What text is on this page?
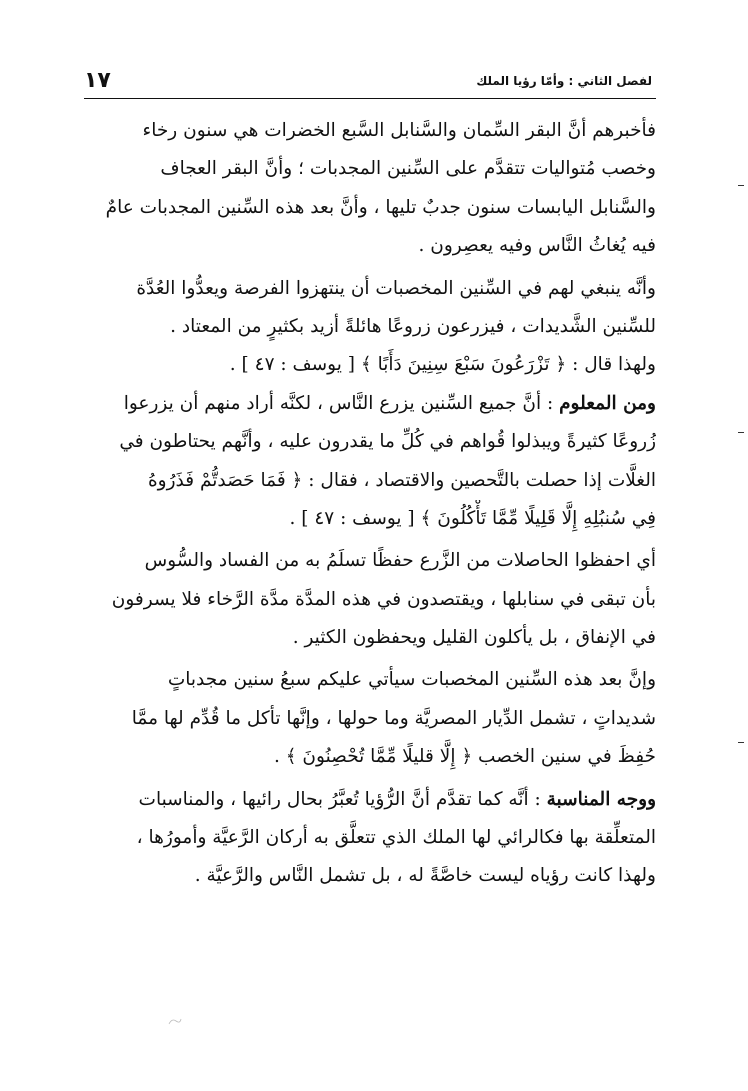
لفصل الثاني : وأمّا رؤيا الملك
١٧
فأخبرهم أنَّ البقر السِّمان والسَّنابل السَّبع الخضرات هي سنون رخاء
وخصب مُتواليات تتقدَّم على السِّنين المجدبات ؛ وأنَّ البقر العجاف
والسَّنابل اليابسات سنون جدبٌ تليها ، وأنَّ بعد هذه السِّنين المجدبات عامٌ
فيه يُغاثُ النَّاس وفيه يعصِرون .
وأنَّه ينبغي لهم في السِّنين المخصبات أن ينتهزوا الفرصة ويعدُّوا العُدَّة
للسِّنين الشَّديدات ، فيزرعون زروعًا هائلةً أزيد بكثيرٍ من المعتاد .
ولهذا قال : ﴿ تَزْرَعُونَ سَبْعَ سِنِينَ دَأَبًا ﴾ [ يوسف : ٤٧ ] .
ومن المعلوم : أنَّ جميع السِّنين يزرع النَّاس ، لكنَّه أراد منهم أن يزرعوا
زُروعًا كثيرةً ويبذلوا قُواهم في كُلِّ ما يقدرون عليه ، وأنَّهم يحتاطون في
الغلَّات إذا حصلت بالتَّحصين والاقتصاد ، فقال : ﴿ فَمَا حَصَدتُّمْ فَذَرُوهُ
فِي سُنبُلِهِ إِلَّا قَلِيلًا مِّمَّا تَأْكُلُونَ ﴾ [ يوسف : ٤٧ ] .
أي احفظوا الحاصلات من الزَّرع حفظًا تسلَمُ به من الفساد والسُّوس
بأن تبقى في سنابلها ، ويقتصدون في هذه المدَّة مدَّة الرَّخاء فلا يسرفون
في الإنفاق ، بل يأكلون القليل ويحفظون الكثير .
وإنَّ بعد هذه السِّنين المخصبات سيأتي عليكم سبعُ سنين مجدباتٍ
شديداتٍ ، تشمل الدِّيار المصريَّة وما حولها ، وإنَّها تأكل ما قُدِّم لها ممَّا
حُفِظَ في سنين الخصب ﴿ إِلَّا قليلًا مِّمَّا تُحْصِنُونَ ﴾ .
ووجه المناسبة : أنَّه كما تقدَّم أنَّ الرُّؤيا تُعبَّرُ بحال رائيها ، والمناسبات
المتعلِّقة بها فكالرائي لها الملك الذي تتعلَّق به أركان الرَّعيَّة وأمورُها ،
ولهذا كانت رؤياه ليست خاصَّةً له ، بل تشمل النَّاس والرَّعيَّة .
